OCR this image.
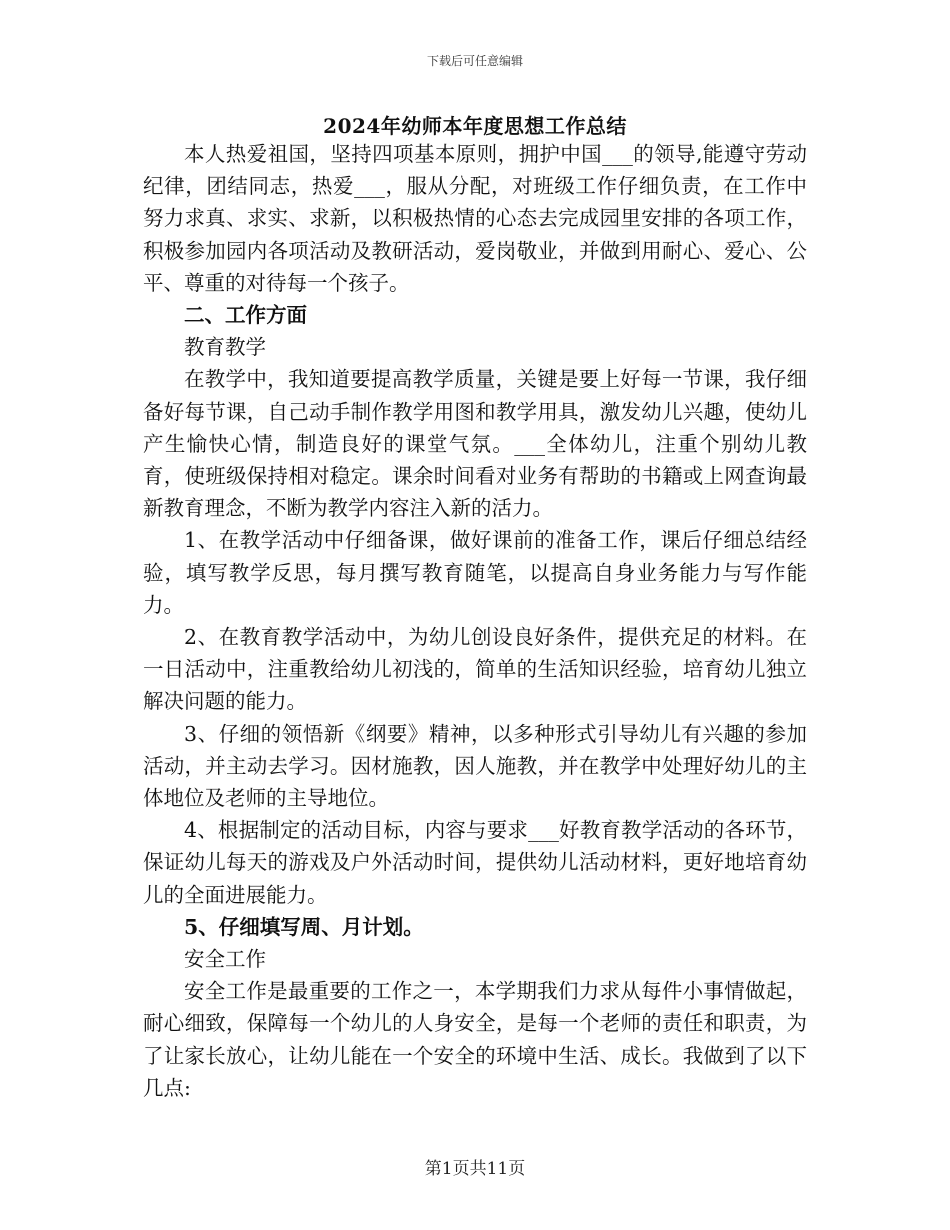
下载后可任意编辑
2024年幼师本年度思想工作总结

本人热爱祖国，坚持四项基本原则，拥护中国___的领导,能遵守劳动纪律，团结同志，热爱___，服从分配，对班级工作仔细负责，在工作中努力求真、求实、求新，以积极热情的心态去完成园里安排的各项工作，积极参加园内各项活动及教研活动，爱岗敬业，并做到用耐心、爱心、公平、尊重的对待每一个孩子。

二、工作方面

教育教学

在教学中，我知道要提高教学质量，关键是要上好每一节课，我仔细备好每节课，自己动手制作教学用图和教学用具，激发幼儿兴趣，使幼儿产生愉快心情，制造良好的课堂气氛。___全体幼儿，注重个别幼儿教育，使班级保持相对稳定。课余时间看对业务有帮助的书籍或上网查询最新教育理念，不断为教学内容注入新的活力。

1、在教学活动中仔细备课，做好课前的准备工作，课后仔细总结经验，填写教学反思，每月撰写教育随笔，以提高自身业务能力与写作能力。

2、在教育教学活动中，为幼儿创设良好条件，提供充足的材料。在一日活动中，注重教给幼儿初浅的，简单的生活知识经验，培育幼儿独立解决问题的能力。

3、仔细的领悟新《纲要》精神，以多种形式引导幼儿有兴趣的参加活动，并主动去学习。因材施教，因人施教，并在教学中处理好幼儿的主体地位及老师的主导地位。

4、根据制定的活动目标，内容与要求___好教育教学活动的各环节，保证幼儿每天的游戏及户外活动时间，提供幼儿活动材料，更好地培育幼儿的全面进展能力。

5、仔细填写周、月计划。

安全工作

安全工作是最重要的工作之一，本学期我们力求从每件小事情做起，耐心细致，保障每一个幼儿的人身安全，是每一个老师的责任和职责，为了让家长放心，让幼儿能在一个安全的环境中生活、成长。我做到了以下几点:

第1页共11页
